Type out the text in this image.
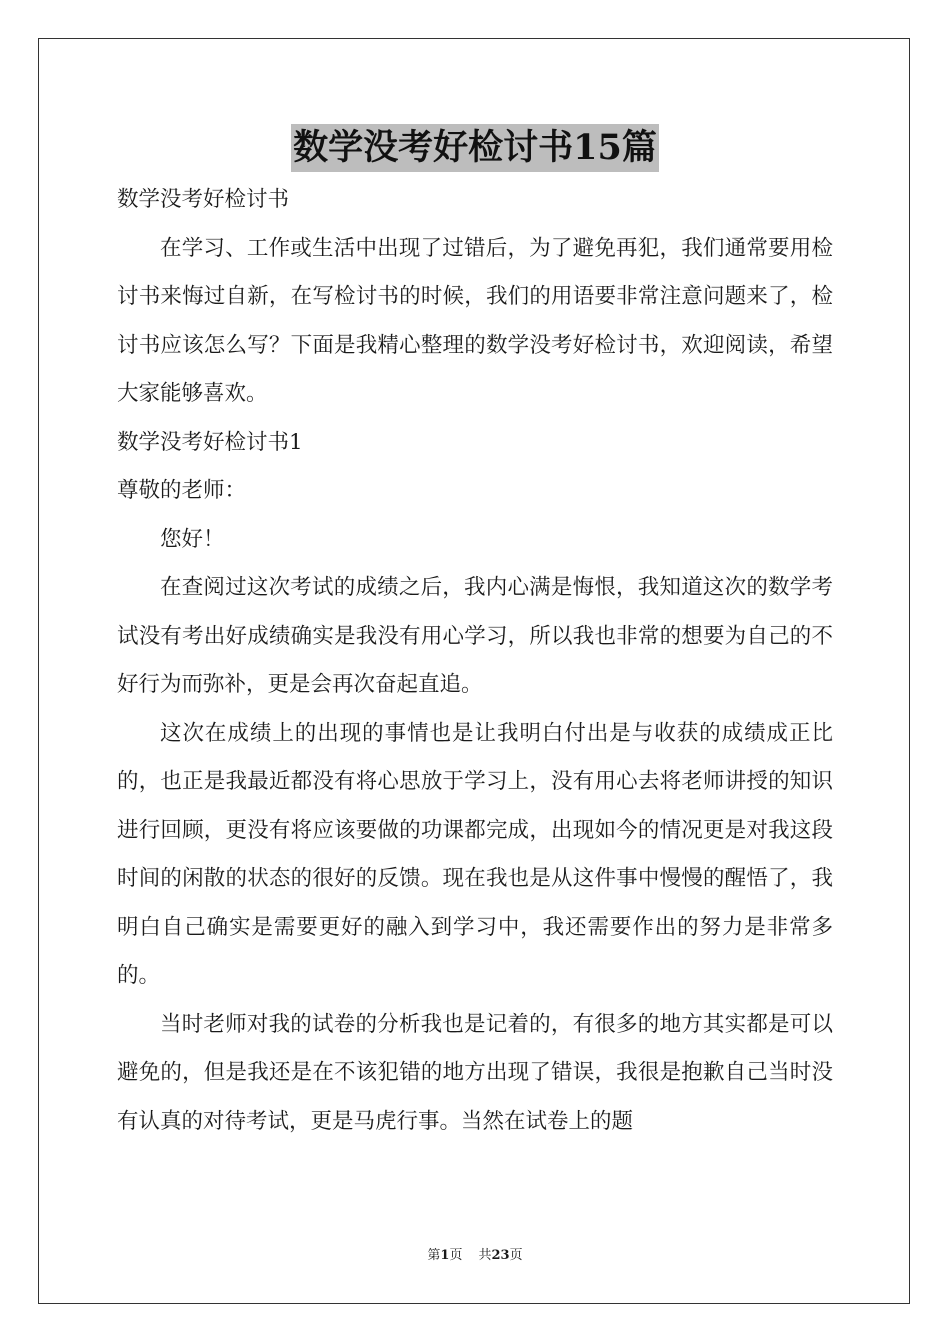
数学没考好检讨书15篇

数学没考好检讨书

在学习、工作或生活中出现了过错后，为了避免再犯，我们通常要用检讨书来悔过自新，在写检讨书的时候，我们的用语要非常注意问题来了，检讨书应该怎么写？下面是我精心整理的数学没考好检讨书，欢迎阅读，希望大家能够喜欢。

数学没考好检讨书1

尊敬的老师：

您好！

在查阅过这次考试的成绩之后，我内心满是悔恨，我知道这次的数学考试没有考出好成绩确实是我没有用心学习，所以我也非常的想要为自己的不好行为而弥补，更是会再次奋起直追。

这次在成绩上的出现的事情也是让我明白付出是与收获的成绩成正比的，也正是我最近都没有将心思放于学习上，没有用心去将老师讲授的知识进行回顾，更没有将应该要做的功课都完成，出现如今的情况更是对我这段时间的闲散的状态的很好的反馈。现在我也是从这件事中慢慢的醒悟了，我明白自己确实是需要更好的融入到学习中，我还需要作出的努力是非常多的。

当时老师对我的试卷的分析我也是记着的，有很多的地方其实都是可以避免的，但是我还是在不该犯错的地方出现了错误，我很是抱歉自己当时没有认真的对待考试，更是马虎行事。当然在试卷上的题

第1页 共23页
